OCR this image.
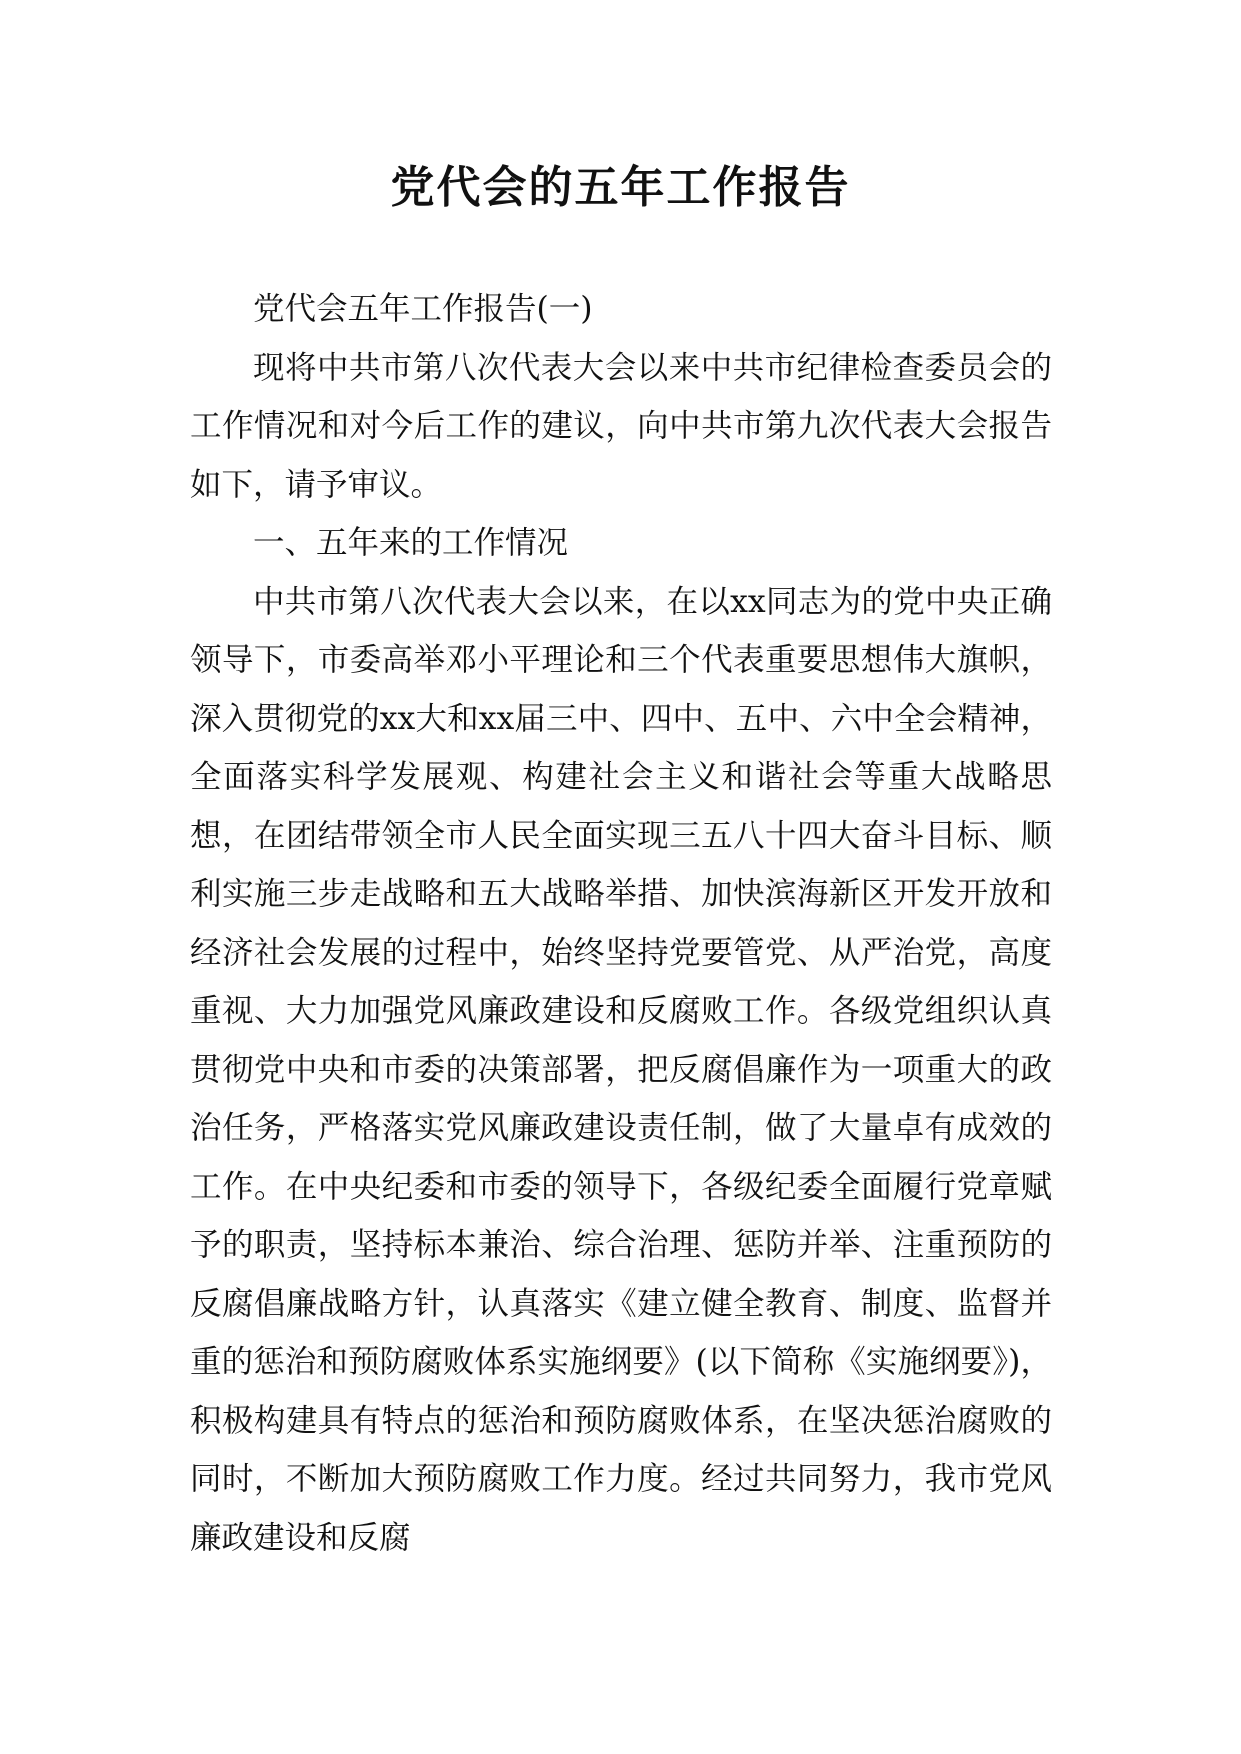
党代会的五年工作报告

党代会五年工作报告(一)

现将中共市第八次代表大会以来中共市纪律检查委员会的工作情况和对今后工作的建议，向中共市第九次代表大会报告如下，请予审议。

一、五年来的工作情况

中共市第八次代表大会以来，在以xx同志为的党中央正确领导下，市委高举邓小平理论和三个代表重要思想伟大旗帜，深入贯彻党的xx大和xx届三中、四中、五中、六中全会精神，全面落实科学发展观、构建社会主义和谐社会等重大战略思想，在团结带领全市人民全面实现三五八十四大奋斗目标、顺利实施三步走战略和五大战略举措、加快滨海新区开发开放和经济社会发展的过程中，始终坚持党要管党、从严治党，高度重视、大力加强党风廉政建设和反腐败工作。各级党组织认真贯彻党中央和市委的决策部署，把反腐倡廉作为一项重大的政治任务，严格落实党风廉政建设责任制，做了大量卓有成效的工作。在中央纪委和市委的领导下，各级纪委全面履行党章赋予的职责，坚持标本兼治、综合治理、惩防并举、注重预防的反腐倡廉战略方针，认真落实《建立健全教育、制度、监督并重的惩治和预防腐败体系实施纲要》(以下简称《实施纲要》)，积极构建具有特点的惩治和预防腐败体系，在坚决惩治腐败的同时，不断加大预防腐败工作力度。经过共同努力，我市党风廉政建设和反腐
